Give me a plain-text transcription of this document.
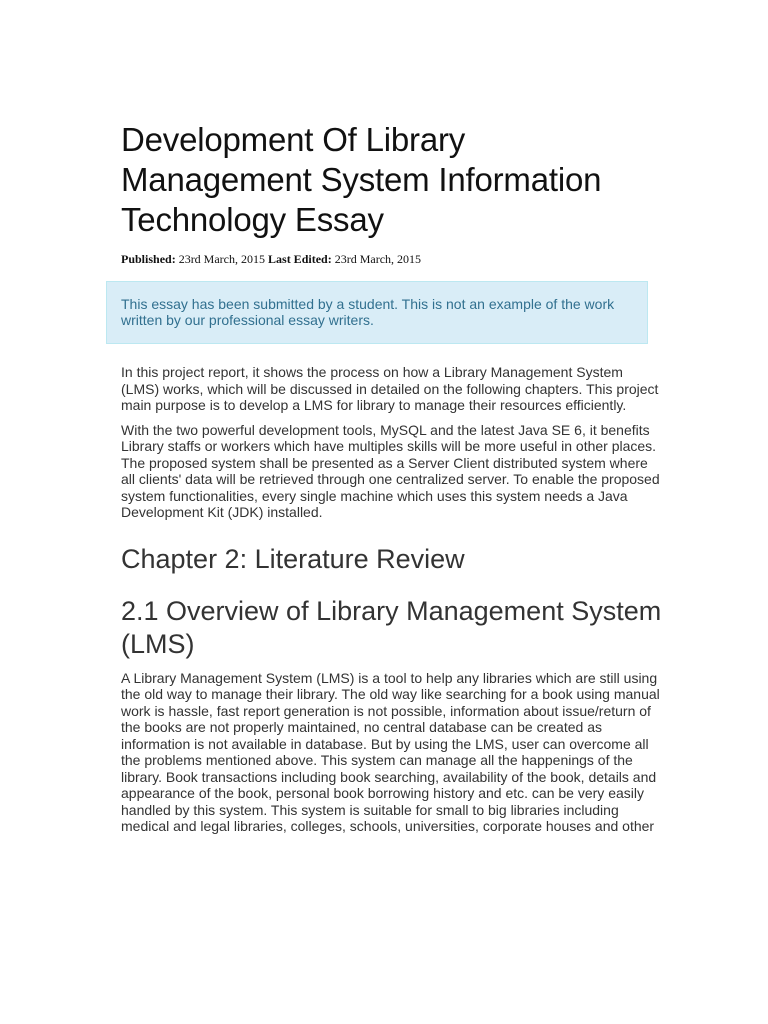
Development Of Library Management System Information Technology Essay
Published: 23rd March, 2015 Last Edited: 23rd March, 2015
This essay has been submitted by a student. This is not an example of the work written by our professional essay writers.

In this project report, it shows the process on how a Library Management System (LMS) works, which will be discussed in detailed on the following chapters. This project main purpose is to develop a LMS for library to manage their resources efficiently.

With the two powerful development tools, MySQL and the latest Java SE 6, it benefits Library staffs or workers which have multiples skills will be more useful in other places. The proposed system shall be presented as a Server Client distributed system where all clients' data will be retrieved through one centralized server. To enable the proposed system functionalities, every single machine which uses this system needs a Java Development Kit (JDK) installed.

Chapter 2: Literature Review
2.1 Overview of Library Management System (LMS)

A Library Management System (LMS) is a tool to help any libraries which are still using the old way to manage their library. The old way like searching for a book using manual work is hassle, fast report generation is not possible, information about issue/return of the books are not properly maintained, no central database can be created as information is not available in database. But by using the LMS, user can overcome all the problems mentioned above. This system can manage all the happenings of the library. Book transactions including book searching, availability of the book, details and appearance of the book, personal book borrowing history and etc. can be very easily handled by this system. This system is suitable for small to big libraries including medical and legal libraries, colleges, schools, universities, corporate houses and other
